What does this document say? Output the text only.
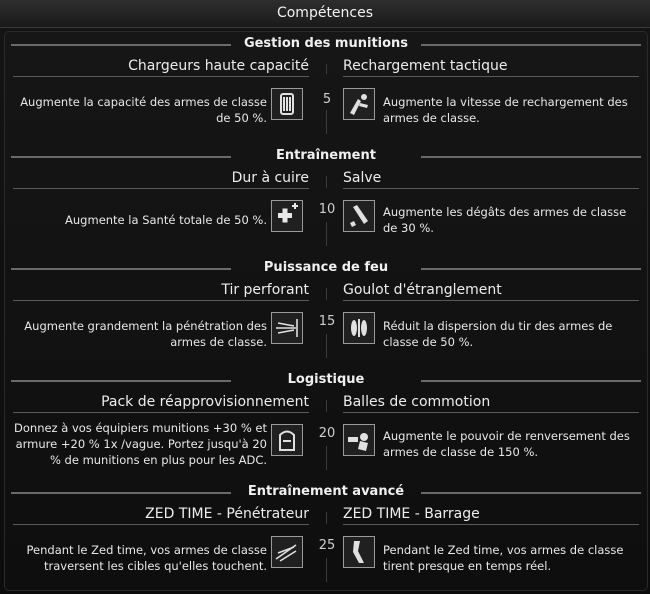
Compétences
Gestion des munitions
Chargeurs haute capacité Rechargement tactique
5
Augmente la capacité des armes de classe de 50 %.
Augmente la vitesse de rechargement des armes de classe.
Entraînement
Dur à cuire Salve
10
Augmente la Santé totale de 50 %.
Augmente les dégâts des armes de classe de 30 %.
Puissance de feu
Tir perforant Goulot d'étranglement
15
Augmente grandement la pénétration des armes de classe.
Réduit la dispersion du tir des armes de classe de 50 %.
Logistique
Pack de réapprovisionnement Balles de commotion
20
Donnez à vos équipiers munitions +30 % et armure +20 % 1x /vague. Portez jusqu'à 20 % de munitions en plus pour les ADC.
Augmente le pouvoir de renversement des armes de classe de 150 %.
Entraînement avancé
ZED TIME - Pénétrateur ZED TIME - Barrage
25
Pendant le Zed time, vos armes de classe traversent les cibles qu'elles touchent.
Pendant le Zed time, vos armes de classe tirent presque en temps réel.
